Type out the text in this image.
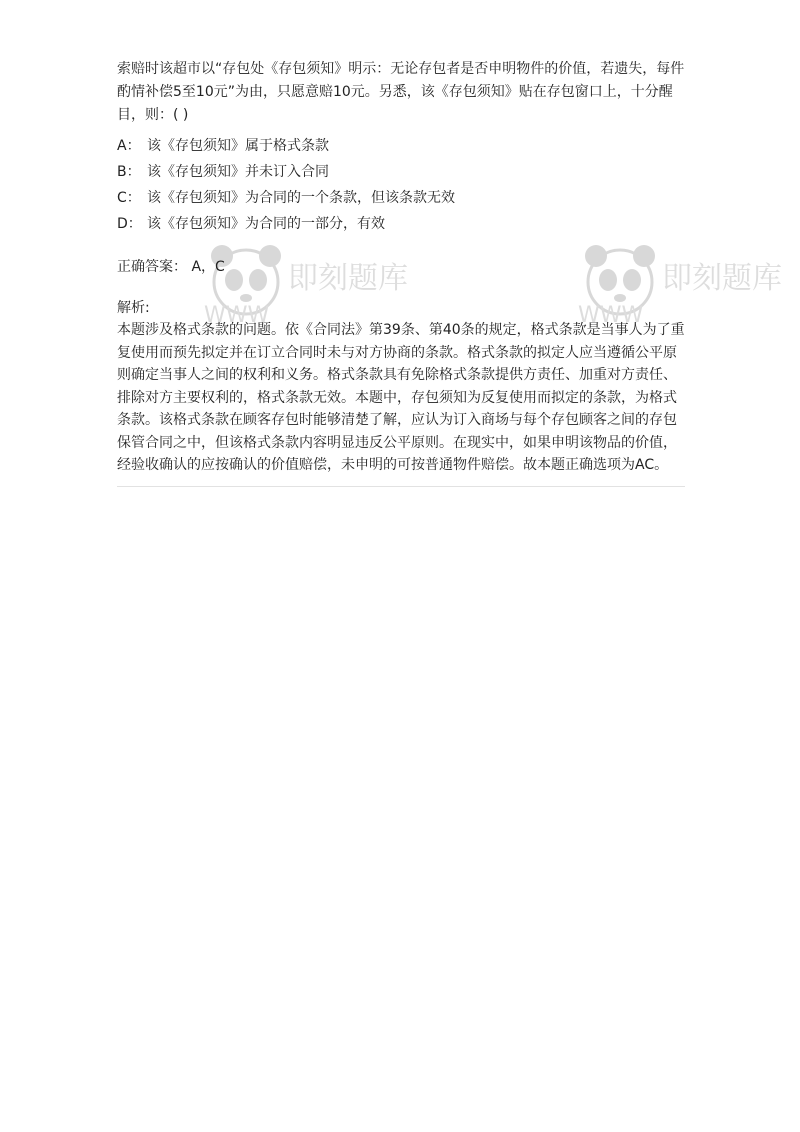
即刻题库
WWW
即刻题库
WWW

索赔时该超市以“存包处《存包须知》明示：无论存包者是否申明物件的价值，若遗失，每件酌情补偿5至10元”为由，只愿意赔10元。另悉，该《存包须知》贴在存包窗口上，十分醒目，则：( )

A： 该《存包须知》属于格式条款
B： 该《存包须知》并未订入合同
C： 该《存包须知》为合同的一个条款，但该条款无效
D： 该《存包须知》为合同的一部分，有效
正确答案： A，C
解析:

本题涉及格式条款的问题。依《合同法》第39条、第40条的规定，格式条款是当事人为了重复使用而预先拟定并在订立合同时未与对方协商的条款。格式条款的拟定人应当遵循公平原则确定当事人之间的权利和义务。格式条款具有免除格式条款提供方责任、加重对方责任、排除对方主要权利的，格式条款无效。本题中，存包须知为反复使用而拟定的条款，为格式条款。该格式条款在顾客存包时能够清楚了解，应认为订入商场与每个存包顾客之间的存包保管合同之中，但该格式条款内容明显违反公平原则。在现实中，如果申明该物品的价值，经验收确认的应按确认的价值赔偿，未申明的可按普通物件赔偿。故本题正确选项为AC。
